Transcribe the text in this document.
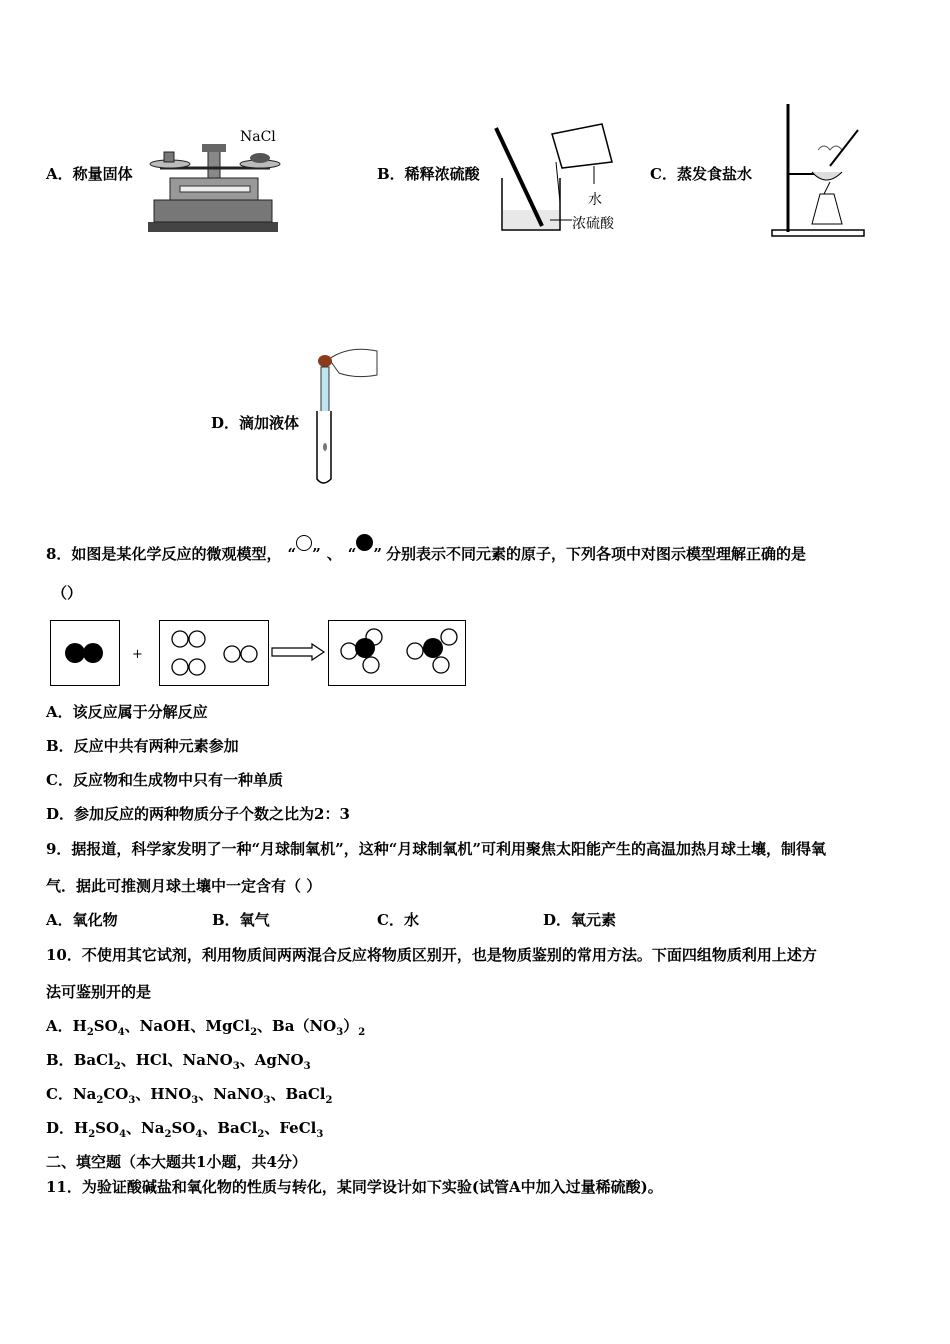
A．称量固体
NaCl
B．稀释浓硫酸
水
浓硫酸
C．蒸发食盐水
D．滴加液体
8．如图是某化学反应的微观模型， “ ” 、 “ ” 分别表示不同元素的原子，下列各项中对图示模型理解正确的是
（）
+
A．该反应属于分解反应
B．反应中共有两种元素参加
C．反应物和生成物中只有一种单质
D．参加反应的两种物质分子个数之比为2：3
9．据报道，科学家发明了一种“月球制氧机”，这种“月球制氧机”可利用聚焦太阳能产生的高温加热月球土壤，制得氧
气．据此可推测月球土壤中一定含有（ ）
A．氧化物	B．氧气	C．水	D．氧元素
10．不使用其它试剂，利用物质间两两混合反应将物质区别开，也是物质鉴别的常用方法。下面四组物质利用上述方
法可鉴别开的是
A．$H_2SO_4$、NaOH、MgCl$_2$、$Ba(NO_3)_2$
B．BaCl$_2$、HCl、NaNO$_3$、AgNO$_3$
C．$Na_2CO_3$、$HNO_3$、NaNO$_3$、BaCl$_2$
D．$H_2SO_4$、$Na_2SO_4$、BaCl$_2$、FeCl$_3$
二、填空题（本大题共1小题，共4分）
11．为验证酸碱盐和氧化物的性质与转化，某同学设计如下实验(试管A中加入过量稀硫酸)。
